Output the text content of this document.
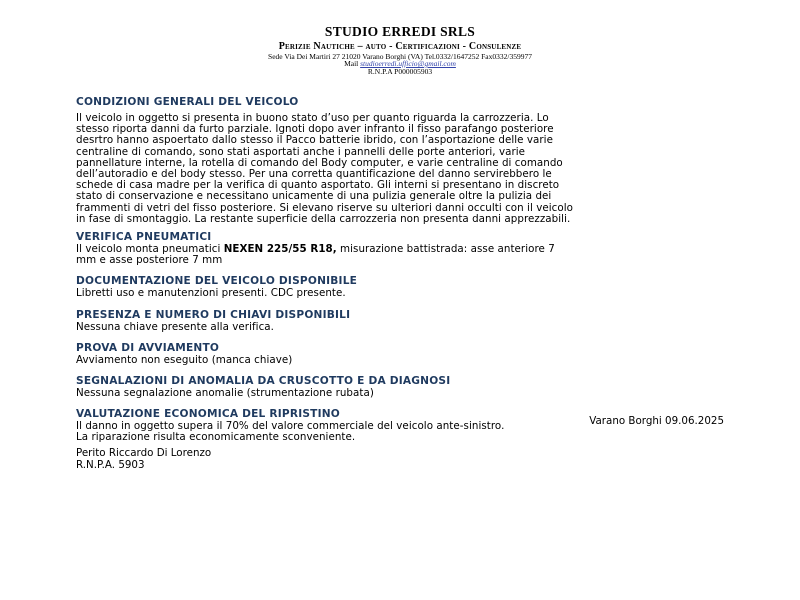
STUDIO ERREDI SRLS
Perizie Nautiche – auto - Certificazioni - Consulenze
Sede Via Dei Martiri 27 21020 Varano Borghi (VA) Tel.0332/1647252 Fax0332/359977
Mail studioerredi.ufficio@gmail.com
R.N.P.A P000005903
CONDIZIONI GENERALI DEL VEICOLO
Il veicolo in oggetto si presenta in buono stato d’uso per quanto riguarda la carrozzeria. Lo
stesso riporta danni da furto parziale. Ignoti dopo aver infranto il fisso parafango posteriore
desrtro hanno aspoertato dallo stesso il Pacco batterie ibrido, con l’asportazione delle varie
centraline di comando, sono stati asportati anche i pannelli delle porte anteriori, varie
pannellature interne, la rotella di comando del Body computer, e varie centraline di comando
dell’autoradio e del body stesso. Per una corretta quantificazione del danno servirebbero le
schede di casa madre per la verifica di quanto asportato. Gli interni si presentano in discreto
stato di conservazione e necessitano unicamente di una pulizia generale oltre la pulizia dei
frammenti di vetri del fisso posteriore. Si elevano riserve su ulteriori danni occulti con il veicolo
in fase di smontaggio. La restante superficie della carrozzeria non presenta danni apprezzabili.
VERIFICA PNEUMATICI
Il veicolo monta pneumatici NEXEN 225/55 R18, misurazione battistrada: asse anteriore 7
mm e asse posteriore 7 mm
DOCUMENTAZIONE DEL VEICOLO DISPONIBILE
Libretti uso e manutenzioni presenti. CDC presente.
PRESENZA E NUMERO DI CHIAVI DISPONIBILI
Nessuna chiave presente alla verifica.
PROVA DI AVVIAMENTO
Avviamento non eseguito (manca chiave)
SEGNALAZIONI DI ANOMALIA DA CRUSCOTTO E DA DIAGNOSI
Nessuna segnalazione anomalie (strumentazione rubata)
VALUTAZIONE ECONOMICA DEL RIPRISTINO
Il danno in oggetto supera il 70% del valore commerciale del veicolo ante-sinistro.
La riparazione risulta economicamente sconveniente.
Varano Borghi 09.06.2025
Perito Riccardo Di Lorenzo
R.N.P.A. 5903
